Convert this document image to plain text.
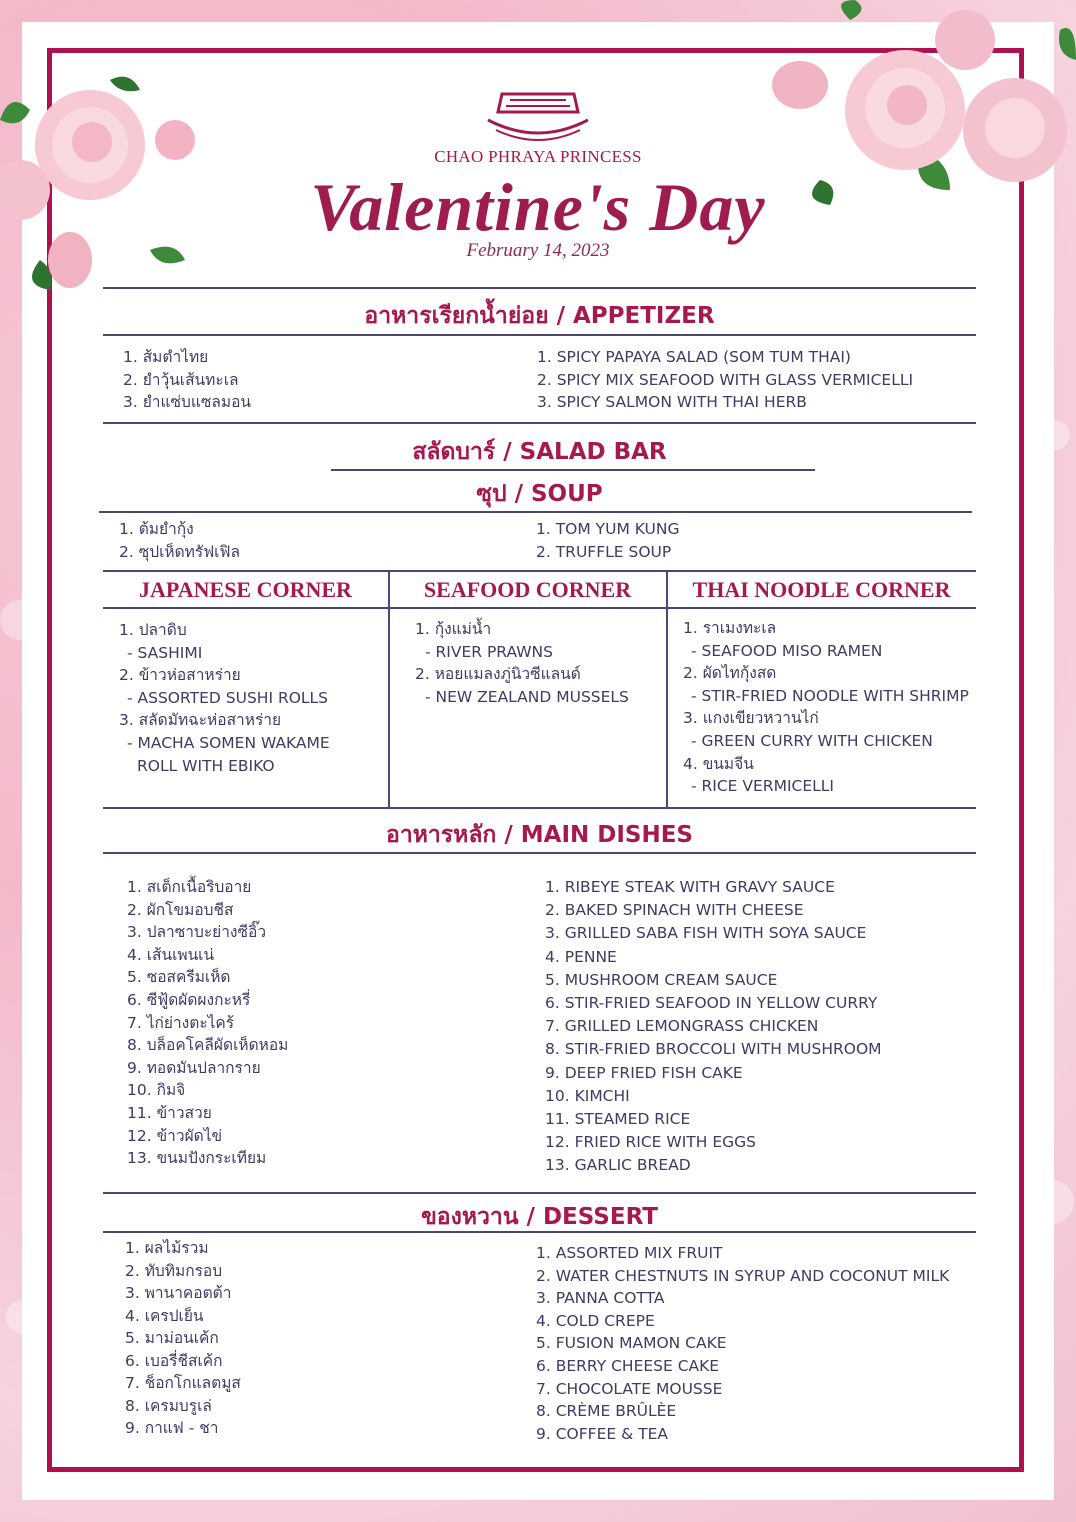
CHAO PHRAYA PRINCESS
Valentine's Day
February 14, 2023
อาหารเรียกน้ำย่อย / APPETIZER
1. ส้มตำไทย
2. ยำวุ้นเส้นทะเล
3. ยำแซ่บแซลมอน
1. SPICY PAPAYA SALAD (SOM TUM THAI)
2. SPICY MIX SEAFOOD WITH GLASS VERMICELLI
3. SPICY SALMON WITH THAI HERB
สลัดบาร์ / SALAD BAR
ซุป / SOUP
1. ต้มยำกุ้ง
2. ซุปเห็ดทรัฟเฟิล
1. TOM YUM KUNG
2. TRUFFLE SOUP
JAPANESE CORNER	SEAFOOD CORNER	THAI NOODLE CORNER
1. ปลาดิบ
- SASHIMI
2. ข้าวห่อสาหร่าย
- ASSORTED SUSHI ROLLS
3. สลัดมัทฉะห่อสาหร่าย
- MACHA SOMEN WAKAME
ROLL WITH EBIKO
1. กุ้งแม่น้ำ
- RIVER PRAWNS
2. หอยแมลงภู่นิวซีแลนด์
- NEW ZEALAND MUSSELS
1. ราเมงทะเล
- SEAFOOD MISO RAMEN
2. ผัดไทกุ้งสด
- STIR-FRIED NOODLE WITH SHRIMP
3. แกงเขียวหวานไก่
- GREEN CURRY WITH CHICKEN
4. ขนมจีน
- RICE VERMICELLI
อาหารหลัก / MAIN DISHES
1. สเต็กเนื้อริบอาย
2. ผักโขมอบชีส
3. ปลาซาบะย่างซีอิ๊ว
4. เส้นเพนเน่
5. ซอสครีมเห็ด
6. ซีฟู้ดผัดผงกะหรี่
7. ไก่ย่างตะไคร้
8. บล็อคโคลีผัดเห็ดหอม
9. ทอดมันปลากราย
10. กิมจิ
11. ข้าวสวย
12. ข้าวผัดไข่
13. ขนมปังกระเทียม
1. RIBEYE STEAK WITH GRAVY SAUCE
2. BAKED SPINACH WITH CHEESE
3. GRILLED SABA FISH WITH SOYA SAUCE
4. PENNE
5. MUSHROOM CREAM SAUCE
6. STIR-FRIED SEAFOOD IN YELLOW CURRY
7. GRILLED LEMONGRASS CHICKEN
8. STIR-FRIED BROCCOLI WITH MUSHROOM
9. DEEP FRIED FISH CAKE
10. KIMCHI
11. STEAMED RICE
12. FRIED RICE WITH EGGS
13. GARLIC BREAD
ของหวาน / DESSERT
1. ผลไม้รวม
2. ทับทิมกรอบ
3. พานาคอตต้า
4. เครปเย็น
5. มาม่อนเค้ก
6. เบอรี่ชีสเค้ก
7. ช็อกโกแลตมูส
8. เครมบรูเล่
9. กาแฟ - ชา
1. ASSORTED MIX FRUIT
2. WATER CHESTNUTS IN SYRUP AND COCONUT MILK
3. PANNA COTTA
4. COLD CREPE
5. FUSION MAMON CAKE
6. BERRY CHEESE CAKE
7. CHOCOLATE MOUSSE
8. CRÈME BRÛLÈE
9. COFFEE & TEA
